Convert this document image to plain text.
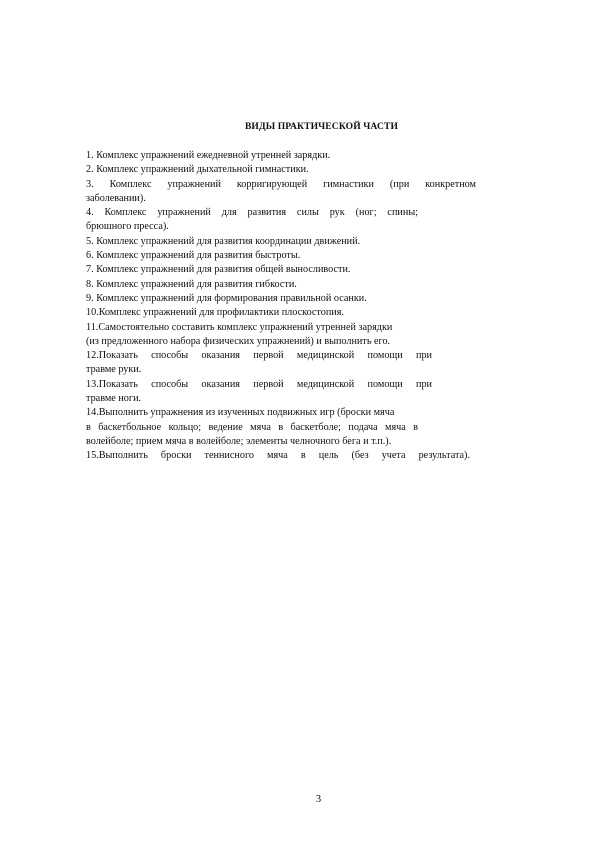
ВИДЫ ПРАКТИЧЕСКОЙ ЧАСТИ
1. Комплекс упражнений ежедневной утренней зарядки.
2. Комплекс упражнений дыхательной гимнастики.
3. Комплекс упражнений корригирующей гимнастики (при конкретном
заболевании).
4. Комплекс упражнений для развития силы рук (ног; спины;
брюшного пресса).
5. Комплекс упражнений для развития координации движений.
6. Комплекс упражнений для развития быстроты.
7. Комплекс упражнений для развития общей выносливости.
8. Комплекс упражнений для развития гибкости.
9. Комплекс упражнений для формирования правильной осанки.
10.Комплекс упражнений для профилактики плоскостопия.
11.Самостоятельно составить комплекс упражнений утренней зарядки
(из предложенного набора физических упражнений) и выполнить его.
12.Показать способы оказания первой медицинской помощи при
травме руки.
13.Показать способы оказания первой медицинской помощи при
травме ноги.
14.Выполнить упражнения из изученных подвижных игр (броски мяча
в баскетбольное кольцо; ведение мяча в баскетболе; подача мяча в
волейболе; прием мяча в волейболе; элементы челночного бега и т.п.).
15.Выполнить броски теннисного мяча в цель (без учета результата).
3
